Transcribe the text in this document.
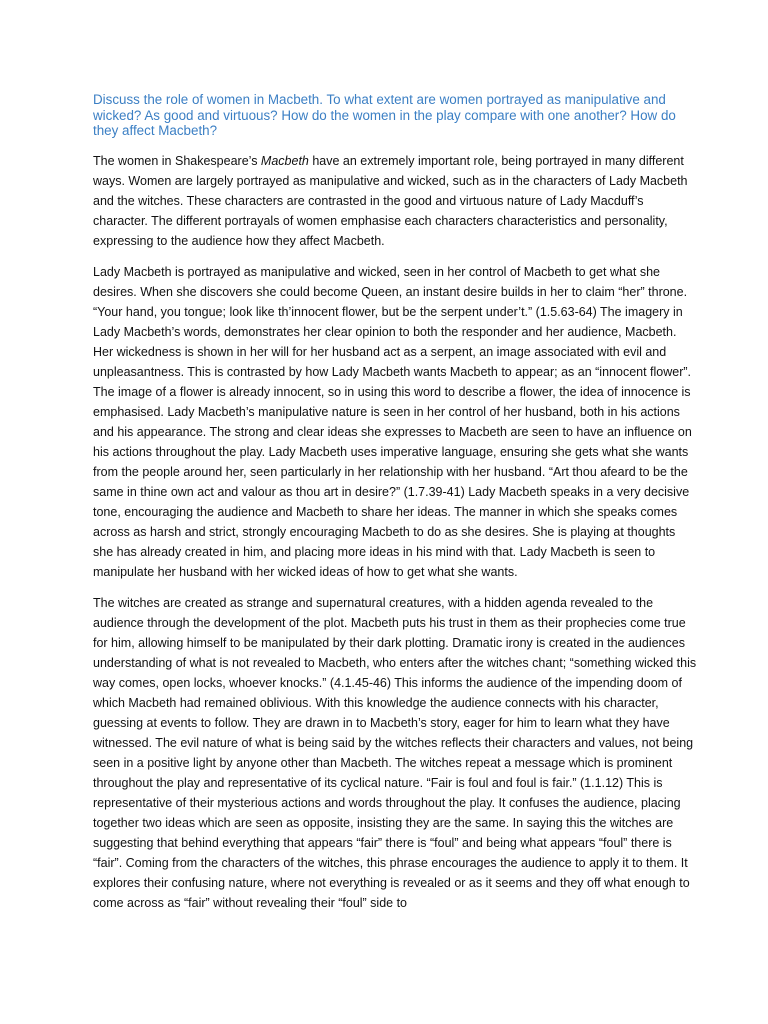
Discuss the role of women in Macbeth. To what extent are women portrayed as manipulative and wicked? As good and virtuous? How do the women in the play compare with one another? How do they affect Macbeth?

The women in Shakespeare’s Macbeth have an extremely important role, being portrayed in many different ways. Women are largely portrayed as manipulative and wicked, such as in the characters of Lady Macbeth and the witches. These characters are contrasted in the good and virtuous nature of Lady Macduff’s character. The different portrayals of women emphasise each characters characteristics and personality, expressing to the audience how they affect Macbeth.

Lady Macbeth is portrayed as manipulative and wicked, seen in her control of Macbeth to get what she desires. When she discovers she could become Queen, an instant desire builds in her to claim “her” throne. “Your hand, you tongue; look like th’innocent flower, but be the serpent under’t.” (1.5.63-64) The imagery in Lady Macbeth’s words, demonstrates her clear opinion to both the responder and her audience, Macbeth. Her wickedness is shown in her will for her husband act as a serpent, an image associated with evil and unpleasantness. This is contrasted by how Lady Macbeth wants Macbeth to appear; as an “innocent flower”. The image of a flower is already innocent, so in using this word to describe a flower, the idea of innocence is emphasised. Lady Macbeth’s manipulative nature is seen in her control of her husband, both in his actions and his appearance. The strong and clear ideas she expresses to Macbeth are seen to have an influence on his actions throughout the play. Lady Macbeth uses imperative language, ensuring she gets what she wants from the people around her, seen particularly in her relationship with her husband. “Art thou afeard to be the same in thine own act and valour as thou art in desire?” (1.7.39-41) Lady Macbeth speaks in a very decisive tone, encouraging the audience and Macbeth to share her ideas. The manner in which she speaks comes across as harsh and strict, strongly encouraging Macbeth to do as she desires. She is playing at thoughts she has already created in him, and placing more ideas in his mind with that. Lady Macbeth is seen to manipulate her husband with her wicked ideas of how to get what she wants.

The witches are created as strange and supernatural creatures, with a hidden agenda revealed to the audience through the development of the plot. Macbeth puts his trust in them as their prophecies come true for him, allowing himself to be manipulated by their dark plotting. Dramatic irony is created in the audiences understanding of what is not revealed to Macbeth, who enters after the witches chant; “something wicked this way comes, open locks, whoever knocks.” (4.1.45-46) This informs the audience of the impending doom of which Macbeth had remained oblivious. With this knowledge the audience connects with his character, guessing at events to follow. They are drawn in to Macbeth’s story, eager for him to learn what they have witnessed. The evil nature of what is being said by the witches reflects their characters and values, not being seen in a positive light by anyone other than Macbeth. The witches repeat a message which is prominent throughout the play and representative of its cyclical nature. “Fair is foul and foul is fair.” (1.1.12) This is representative of their mysterious actions and words throughout the play. It confuses the audience, placing together two ideas which are seen as opposite, insisting they are the same. In saying this the witches are suggesting that behind everything that appears “fair” there is “foul” and being what appears “foul” there is “fair”. Coming from the characters of the witches, this phrase encourages the audience to apply it to them. It explores their confusing nature, where not everything is revealed or as it seems and they off what enough to come across as “fair” without revealing their “foul” side to
